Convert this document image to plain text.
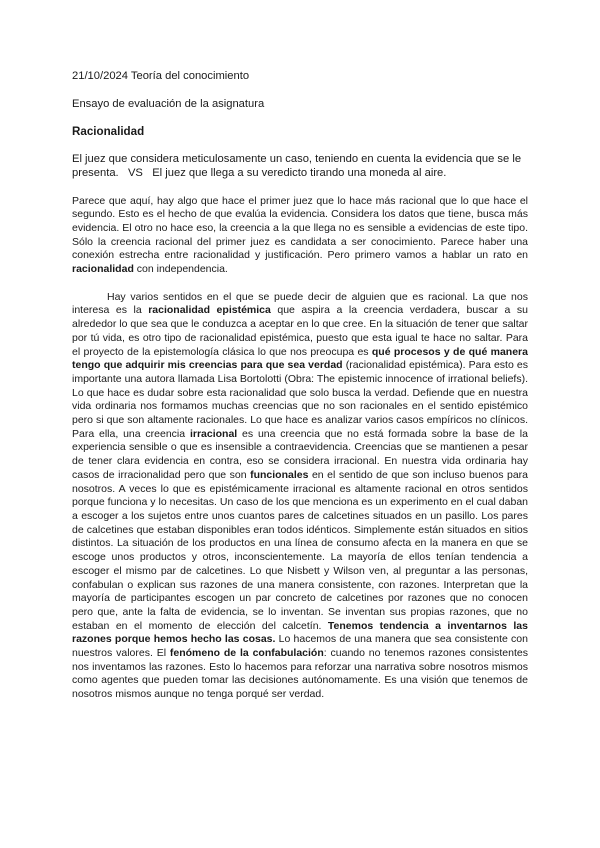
21/10/2024 Teoría del conocimiento

Ensayo de evaluación de la asignatura

Racionalidad

El juez que considera meticulosamente un caso, teniendo en cuenta la evidencia que se le

presenta.   VS   El juez que llega a su veredicto tirando una moneda al aire.

Parece que aquí, hay algo que hace el primer juez que lo hace más racional que lo que hace el segundo. Esto es el hecho de que evalúa la evidencia. Considera los datos que tiene, busca más evidencia. El otro no hace eso, la creencia a la que llega no es sensible a evidencias de este tipo. Sólo la creencia racional del primer juez es candidata a ser conocimiento. Parece haber una conexión estrecha entre racionalidad y justificación. Pero primero vamos a hablar un rato en racionalidad con independencia.

Hay varios sentidos en el que se puede decir de alguien que es racional. La que nos interesa es la racionalidad epistémica que aspira a la creencia verdadera, buscar a su alrededor lo que sea que le conduzca a aceptar en lo que cree. En la situación de tener que saltar por tú vida, es otro tipo de racionalidad epistémica, puesto que esta igual te hace no saltar. Para el proyecto de la epistemología clásica lo que nos preocupa es qué procesos y de qué manera tengo que adquirir mis creencias para que sea verdad (racionalidad epistémica). Para esto es importante una autora llamada Lisa Bortolotti (Obra: The epistemic innocence of irrational beliefs). Lo que hace es dudar sobre esta racionalidad que solo busca la verdad. Defiende que en nuestra vida ordinaria nos formamos muchas creencias que no son racionales en el sentido epistémico pero si que son altamente racionales. Lo que hace es analizar varios casos empíricos no clínicos. Para ella, una creencia irracional es una creencia que no está formada sobre la base de la experiencia sensible o que es insensible a contraevidencia. Creencias que se mantienen a pesar de tener clara evidencia en contra, eso se considera irracional. En nuestra vida ordinaria hay casos de irracionalidad pero que son funcionales en el sentido de que son incluso buenos para nosotros. A veces lo que es epistémicamente irracional es altamente racional en otros sentidos porque funciona y lo necesitas. Un caso de los que menciona es un experimento en el cual daban a escoger a los sujetos entre unos cuantos pares de calcetines situados en un pasillo. Los pares de calcetines que estaban disponibles eran todos idénticos. Simplemente están situados en sitios distintos. La situación de los productos en una línea de consumo afecta en la manera en que se escoge unos productos y otros, inconscientemente. La mayoría de ellos tenían tendencia a escoger el mismo par de calcetines. Lo que Nisbett y Wilson ven, al preguntar a las personas, confabulan o explican sus razones de una manera consistente, con razones. Interpretan que la mayoría de participantes escogen un par concreto de calcetines por razones que no conocen pero que, ante la falta de evidencia, se lo inventan. Se inventan sus propias razones, que no estaban en el momento de elección del calcetín. Tenemos tendencia a inventarnos las razones porque hemos hecho las cosas. Lo hacemos de una manera que sea consistente con nuestros valores. El fenómeno de la confabulación: cuando no tenemos razones consistentes nos inventamos las razones. Esto lo hacemos para reforzar una narrativa sobre nosotros mismos como agentes que pueden tomar las decisiones autónomamente. Es una visión que tenemos de nosotros mismos aunque no tenga porqué ser verdad.
